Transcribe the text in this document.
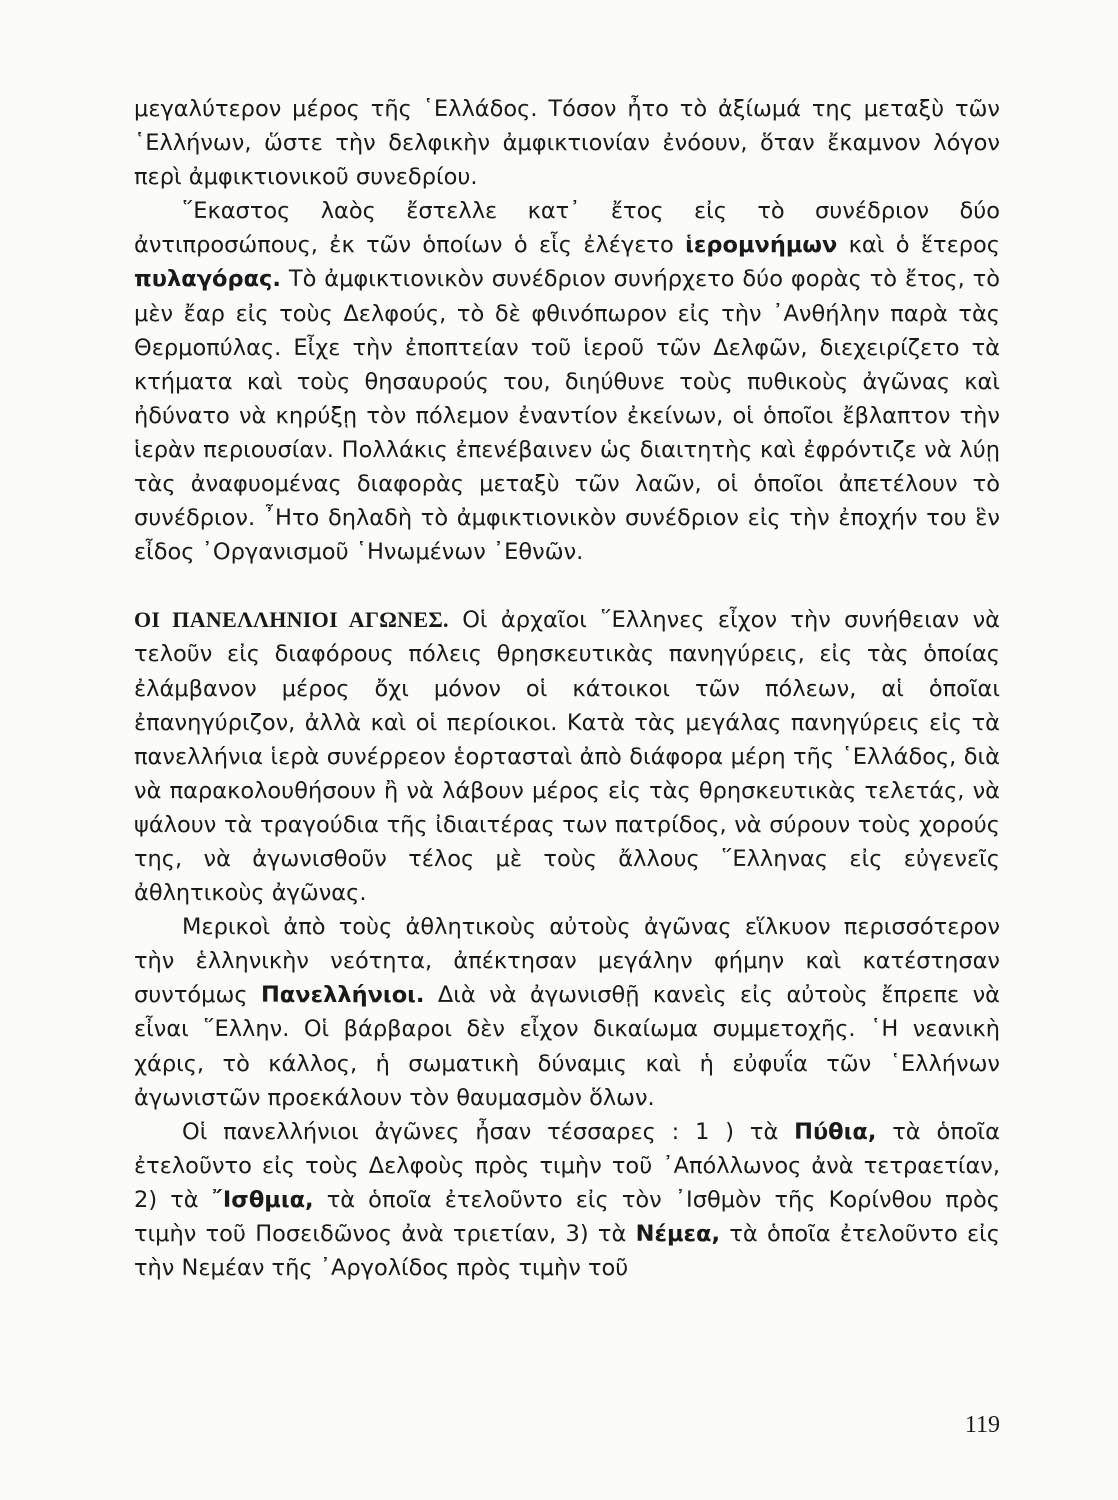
μεγαλύτερον μέρος τῆς ῾Ελλάδος. Τόσον ἦτο τὸ ἀξίωμά της μεταξὺ τῶν ῾Ελλήνων, ὥστε τὴν δελφικὴν ἀμφικτιονίαν ἐνόουν, ὅταν ἔκαμνον λόγον περὶ ἀμφικτιονικοῦ συνεδρίου.

῞Εκαστος λαὸς ἔστελλε κατ᾽ ἔτος εἰς τὸ συνέδριον δύο ἀντιπροσώπους, ἐκ τῶν ὁποίων ὁ εἷς ἐλέγετο ἱερομνήμων καὶ ὁ ἕτερος πυλαγόρας. Τὸ ἀμφικτιονικὸν συνέδριον συνήρχετο δύο φορὰς τὸ ἔτος, τὸ μὲν ἔαρ εἰς τοὺς Δελφούς, τὸ δὲ φθινόπωρον εἰς τὴν ᾽Ανθήλην παρὰ τὰς Θερμοπύλας. Εἶχε τὴν ἐποπτείαν τοῦ ἱεροῦ τῶν Δελφῶν, διεχειρίζετο τὰ κτήματα καὶ τοὺς θησαυρούς του, διηύθυνε τοὺς πυθικοὺς ἀγῶνας καὶ ἠδύνατο νὰ κηρύξῃ τὸν πόλεμον ἐναντίον ἐκείνων, οἱ ὁποῖοι ἔβλαπτον τὴν ἱερὰν περιουσίαν. Πολλάκις ἐπενέβαινεν ὡς διαιτητὴς καὶ ἐφρόντιζε νὰ λύῃ τὰς ἀναφυομένας διαφορὰς μεταξὺ τῶν λαῶν, οἱ ὁποῖοι ἀπετέλουν τὸ συνέδριον. ῏Ητο δηλαδὴ τὸ ἀμφικτιονικὸν συνέδριον εἰς τὴν ἐποχήν του ἓν εἶδος ᾽Οργανισμοῦ ῾Ηνωμένων ᾽Εθνῶν.

ΟΙ ΠΑΝΕΛΛΗΝΙΟΙ ΑΓΩΝΕΣ. Οἱ ἀρχαῖοι ῞Ελληνες εἶχον τὴν συνήθειαν νὰ τελοῦν εἰς διαφόρους πόλεις θρησκευτικὰς πανηγύρεις, εἰς τὰς ὁποίας ἐλάμβανον μέρος ὄχι μόνον οἱ κάτοικοι τῶν πόλεων, αἱ ὁποῖαι ἐπανηγύριζον, ἀλλὰ καὶ οἱ περίοικοι. Κατὰ τὰς μεγάλας πανηγύρεις εἰς τὰ πανελλήνια ἱερὰ συνέρρεον ἑορτασταὶ ἀπὸ διάφορα μέρη τῆς ῾Ελλάδος, διὰ νὰ παρακολουθήσουν ἢ νὰ λάβουν μέρος εἰς τὰς θρησκευτικὰς τελετάς, νὰ ψάλουν τὰ τραγούδια τῆς ἰδιαιτέρας των πατρίδος, νὰ σύρουν τοὺς χορούς της, νὰ ἀγωνισθοῦν τέλος μὲ τοὺς ἄλλους ῞Ελληνας εἰς εὐγενεῖς ἀθλητικοὺς ἀγῶνας.

Μερικοὶ ἀπὸ τοὺς ἀθλητικοὺς αὐτοὺς ἀγῶνας εἵλκυον περισσότερον τὴν ἑλληνικὴν νεότητα, ἀπέκτησαν μεγάλην φήμην καὶ κατέστησαν συντόμως Πανελλήνιοι. Διὰ νὰ ἀγωνισθῇ κανεὶς εἰς αὐτοὺς ἔπρεπε νὰ εἶναι ῞Ελλην. Οἱ βάρβαροι δὲν εἶχον δικαίωμα συμμετοχῆς. ῾Η νεανικὴ χάρις, τὸ κάλλος, ἡ σωματικὴ δύναμις καὶ ἡ εὐφυΐα τῶν ῾Ελλήνων ἀγωνιστῶν προεκάλουν τὸν θαυμασμὸν ὅλων.

Οἱ πανελλήνιοι ἀγῶνες ἦσαν τέσσαρες : 1 ) τὰ Πύθια, τὰ ὁποῖα ἐτελοῦντο εἰς τοὺς Δελφοὺς πρὸς τιμὴν τοῦ ᾽Απόλλωνος ἀνὰ τετραετίαν, 2) τὰ ῎Ισθμια, τὰ ὁποῖα ἐτελοῦντο εἰς τὸν ᾽Ισθμὸν τῆς Κορίνθου πρὸς τιμὴν τοῦ Ποσειδῶνος ἀνὰ τριετίαν, 3) τὰ Νέμεα, τὰ ὁποῖα ἐτελοῦντο εἰς τὴν Νεμέαν τῆς ᾽Αργολίδος πρὸς τιμὴν τοῦ

119
